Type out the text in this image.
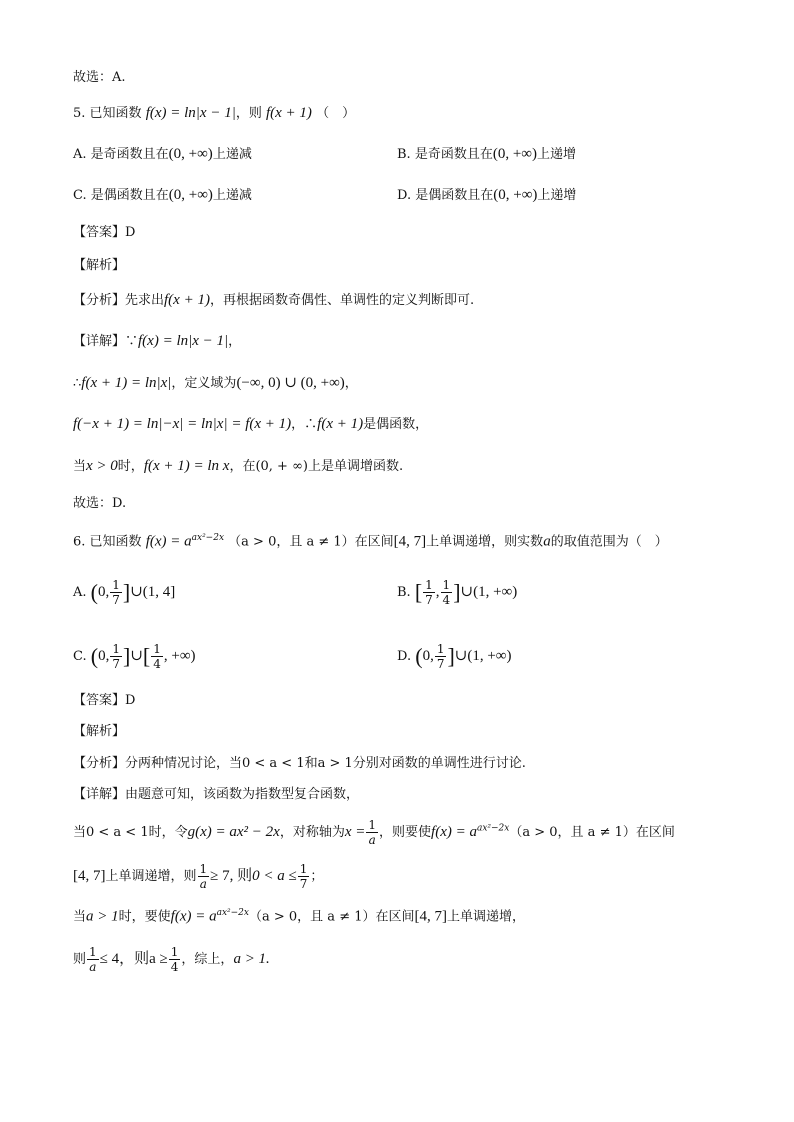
故选：A.
5. 已知函数 f(x) = ln|x − 1|，则 f(x + 1) （　）
A. 是奇函数且在(0, +∞)上递减	B. 是奇函数且在(0, +∞)上递增
C. 是偶函数且在(0, +∞)上递减	D. 是偶函数且在(0, +∞)上递增
【答案】D
【解析】
【分析】先求出f(x + 1)，再根据函数奇偶性、单调性的定义判断即可.
【详解】∵f(x) = ln|x − 1|，
∴f(x + 1) = ln|x|，定义域为(−∞, 0) ∪ (0, +∞)，
f(−x + 1) = ln|−x| = ln|x| = f(x + 1)，∴f(x + 1)是偶函数，
当x > 0时，f(x + 1) = ln x，在(0, + ∞)上是单调增函数.
故选：D.
6. 已知函数 $f(x) = a^{ax^2-2x}$ （a > 0，且 a ≠ 1）在区间[4, 7]上单调递增，则实数a的取值范围为（　）
A. (0, $\frac{1}{7}$ ]∪(1, 4]	B. [ $\frac{1}{7}$ , $\frac{1}{4}$ ]∪(1, +∞)
C. (0, $\frac{1}{7}$ ]∪[ $\frac{1}{4}$ , +∞)	D. (0, $\frac{1}{7}$ ]∪(1, +∞)
【答案】D
【解析】
【分析】分两种情况讨论，当0 < a < 1和a > 1分别对函数的单调性进行讨论.
【详解】由题意可知，该函数为指数型复合函数，
当0 < a < 1时，令g(x) = ax² − 2x，对称轴为$x = \frac{1}{a}$ ，则要使$f(x) = a^{ax^2-2x}(a > 0$，且 a ≠ 1）在区间
[4, 7]上单调递增，则 $\frac{1}{a} \ge 7$, 则$0 < a \le \frac{1}{7}$ ；
当a > 1时，要使$f(x) = a^{ax^2-2x}(a > 0$，且 a ≠ 1）在区间[4, 7]上单调递增，
则 $\frac{1}{a} \le 4$，则$a \ge \frac{1}{4}$ ，综上，a > 1.
